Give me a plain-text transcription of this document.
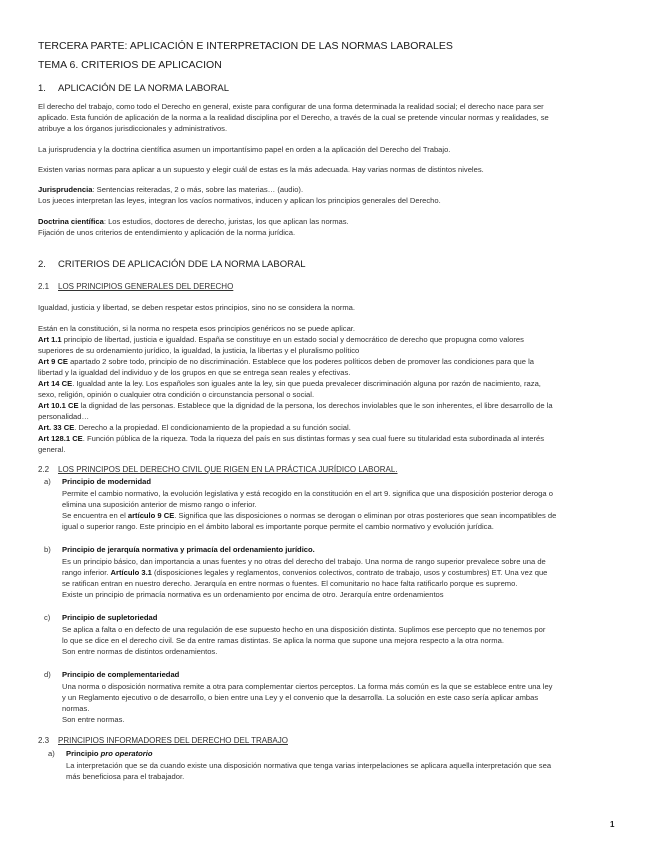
TERCERA PARTE: APLICACIÓN E INTERPRETACION DE LAS NORMAS LABORALES
TEMA 6. CRITERIOS DE APLICACION
1. APLICACIÓN DE LA NORMA LABORAL
El derecho del trabajo, como todo el Derecho en general, existe para configurar de una forma determinada la realidad social; el derecho nace para ser
aplicado. Esta función de aplicación de la norma a la realidad disciplina por el Derecho, a través de la cual se pretende vincular normas y realidades, se
atribuye a los órganos jurisdiccionales y administrativos.
La jurisprudencia y la doctrina científica asumen un importantísimo papel en orden a la aplicación del Derecho del Trabajo.
Existen varias normas para aplicar a un supuesto y elegir cuál de estas es la más adecuada. Hay varias normas de distintos niveles.
Jurisprudencia: Sentencias reiteradas, 2 o más, sobre las materias… (audio).
Los jueces interpretan las leyes, integran los vacíos normativos, inducen y aplican los principios generales del Derecho.
Doctrina científica: Los estudios, doctores de derecho, juristas, los que aplican las normas.
Fijación de unos criterios de entendimiento y aplicación de la norma jurídica.
2. CRITERIOS DE APLICACIÓN DDE LA NORMA LABORAL
2.1 LOS PRINCIPIOS GENERALES DEL DERECHO
Igualdad, justicia y libertad, se deben respetar estos principios, sino no se considera la norma.
Están en la constitución, si la norma no respeta esos principios genéricos no se puede aplicar.
Art 1.1 principio de libertad, justicia e igualdad. España se constituye en un estado social y democrático de derecho que propugna como valores
superiores de su ordenamiento jurídico, la igualdad, la justicia, la libertas y el pluralismo político
Art 9 CE apartado 2 sobre todo, principio de no discriminación. Establece que los poderes políticos deben de promover las condiciones para que la
libertad y la igualdad del individuo y de los grupos en que se entrega sean reales y efectivas.
Art 14 CE. Igualdad ante la ley. Los españoles son iguales ante la ley, sin que pueda prevalecer discriminación alguna por razón de nacimiento, raza,
sexo, religión, opinión o cualquier otra condición o circunstancia personal o social.
Art 10.1 CE la dignidad de las personas. Establece que la dignidad de la persona, los derechos inviolables que le son inherentes, el libre desarrollo de la
personalidad…
Art. 33 CE. Derecho a la propiedad. El condicionamiento de la propiedad a su función social.
Art 128.1 CE. Función pública de la riqueza. Toda la riqueza del país en sus distintas formas y sea cual fuere su titularidad esta subordinada al interés
general.
2.2 LOS PRINCIPOS DEL DERECHO CIVIL QUE RIGEN EN LA PRÁCTICA JURÍDICO LABORAL.
a) Principio de modernidad
Permite el cambio normativo, la evolución legislativa y está recogido en la constitución en el art 9. significa que una disposición posterior deroga o
elimina una suposición anterior de mismo rango o inferior.
Se encuentra en el artículo 9 CE. Significa que las disposiciones o normas se derogan o eliminan por otras posteriores que sean incompatibles de
igual o superior rango. Este principio en el ámbito laboral es importante porque permite el cambio normativo y evolución jurídica.
b) Principio de jerarquía normativa y primacía del ordenamiento jurídico.
Es un principio básico, dan importancia a unas fuentes y no otras del derecho del trabajo. Una norma de rango superior prevalece sobre una de
rango inferior. Artículo 3.1 (disposiciones legales y reglamentos, convenios colectivos, contrato de trabajo, usos y costumbres) ET. Una vez que
se ratifican entran en nuestro derecho. Jerarquía en entre normas o fuentes. El comunitario no hace falta ratificarlo porque es supremo.
Existe un principio de primacía normativa es un ordenamiento por encima de otro. Jerarquía entre ordenamientos
c) Principio de supletoriedad
Se aplica a falta o en defecto de una regulación de ese supuesto hecho en una disposición distinta. Suplimos ese percepto que no tenemos por
lo que se dice en el derecho civil. Se da entre ramas distintas. Se aplica la norma que supone una mejora respecto a la otra norma.
Son entre normas de distintos ordenamientos.
d) Principio de complementariedad
Una norma o disposición normativa remite a otra para complementar ciertos perceptos. La forma más común es la que se establece entre una ley
y un Reglamento ejecutivo o de desarrollo, o bien entre una Ley y el convenio que la desarrolla. La solución en este caso sería aplicar ambas
normas.
Son entre normas.
2.3 PRINCIPIOS INFORMADORES DEL DERECHO DEL TRABAJO
a) Principio pro operatorio
La interpretación que se da cuando existe una disposición normativa que tenga varias interpelaciones se aplicara aquella interpretación que sea
más beneficiosa para el trabajador.
1
